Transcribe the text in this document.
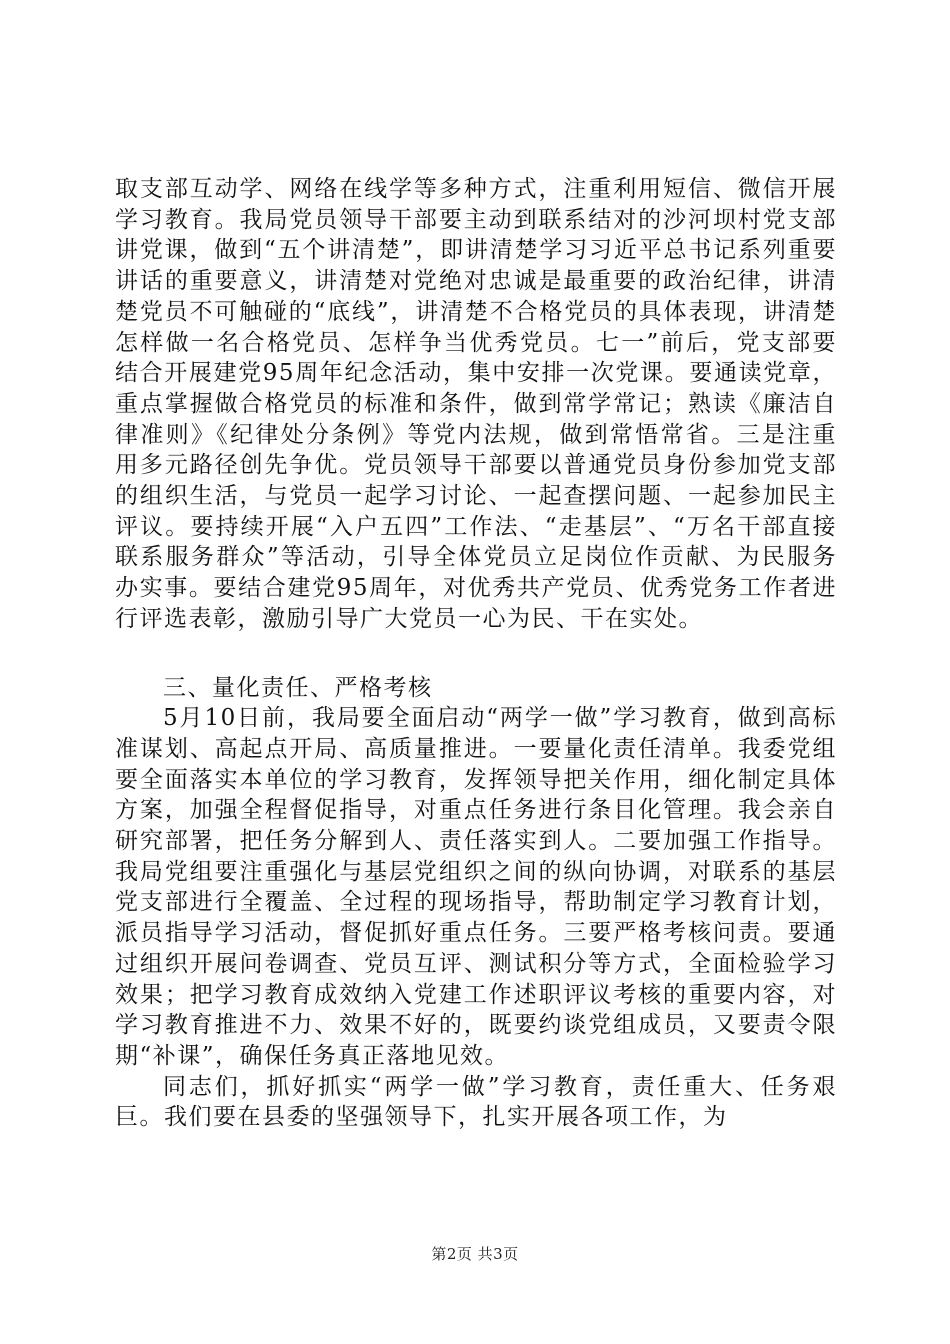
取支部互动学、网络在线学等多种方式，注重利用短信、微信开展学习教育。我局党员领导干部要主动到联系结对的沙河坝村党支部讲党课，做到“五个讲清楚”，即讲清楚学习习近平总书记系列重要讲话的重要意义，讲清楚对党绝对忠诚是最重要的政治纪律，讲清楚党员不可触碰的“底线”，讲清楚不合格党员的具体表现，讲清楚怎样做一名合格党员、怎样争当优秀党员。七一”前后，党支部要结合开展建党95周年纪念活动，集中安排一次党课。要通读党章，重点掌握做合格党员的标准和条件，做到常学常记；熟读《廉洁自律准则》《纪律处分条例》等党内法规，做到常悟常省。三是注重用多元路径创先争优。党员领导干部要以普通党员身份参加党支部的组织生活，与党员一起学习讨论、一起查摆问题、一起参加民主评议。要持续开展“入户五四”工作法、“走基层”、“万名干部直接联系服务群众”等活动，引导全体党员立足岗位作贡献、为民服务办实事。要结合建党95周年，对优秀共产党员、优秀党务工作者进行评选表彰，激励引导广大党员一心为民、干在实处。

三、量化责任、严格考核

5月10日前，我局要全面启动“两学一做”学习教育，做到高标准谋划、高起点开局、高质量推进。一要量化责任清单。我委党组要全面落实本单位的学习教育，发挥领导把关作用，细化制定具体方案，加强全程督促指导，对重点任务进行条目化管理。我会亲自研究部署，把任务分解到人、责任落实到人。二要加强工作指导。我局党组要注重强化与基层党组织之间的纵向协调，对联系的基层党支部进行全覆盖、全过程的现场指导，帮助制定学习教育计划，派员指导学习活动，督促抓好重点任务。三要严格考核问责。要通过组织开展问卷调查、党员互评、测试积分等方式，全面检验学习效果；把学习教育成效纳入党建工作述职评议考核的重要内容，对学习教育推进不力、效果不好的，既要约谈党组成员，又要责令限期“补课”，确保任务真正落地见效。

同志们，抓好抓实“两学一做”学习教育，责任重大、任务艰巨。我们要在县委的坚强领导下，扎实开展各项工作，为

第2页 共3页
